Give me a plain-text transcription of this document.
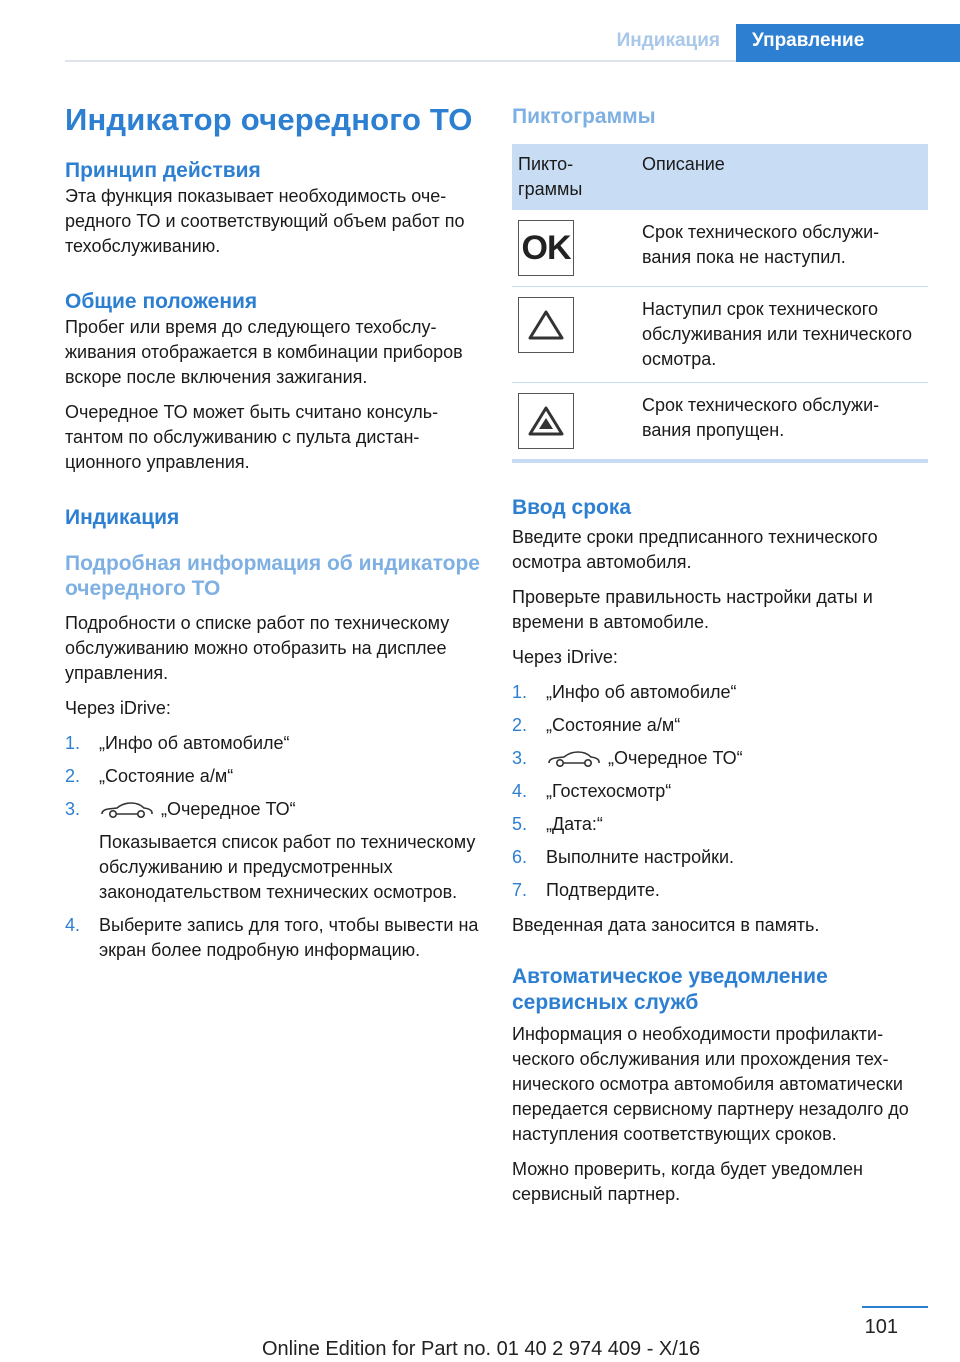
Индикация	Управление
Индикатор очередного ТО
Принцип действия

Эта функция показывает необходимость очередного ТО и соответствующий объем работ по техобслуживанию.

Общие положения

Пробег или время до следующего техобслуживания отображается в комбинации приборов вскоре после включения зажигания.

Очередное ТО может быть считано консультантом по обслуживанию с пульта дистанционного управления.

Индикация
Подробная информация об индикаторе очередного ТО

Подробности о списке работ по техническому обслуживанию можно отобразить на дисплее управления.

Через iDrive:

1. „Инфо об автомобиле“
2. „Состояние а/м“
3.	„Очередное ТО“
Показывается список работ по техническому обслуживанию и предусмотренных законодательством технических осмотров.
4. Выберите запись для того, чтобы вывести на экран более подробную информацию.
Пиктограммы
Пиктограммы	Описание

OK	Срок технического обслуживания пока не наступил.

	Наступил срок технического обслуживания или технического осмотра.

	Срок технического обслуживания пропущен.
Ввод срока

Введите сроки предписанного технического осмотра автомобиля.

Проверьте правильность настройки даты и времени в автомобиле.

Через iDrive:

1. „Инфо об автомобиле“
2. „Состояние а/м“
3.	„Очередное ТО“
4. „Гостехосмотр“
5. „Дата:“
6. Выполните настройки.
7. Подтвердите.

Введенная дата заносится в память.

Автоматическое уведомление сервисных служб

Информация о необходимости профилактического обслуживания или прохождения технического осмотра автомобиля автоматически передается сервисному партнеру незадолго до наступления соответствующих сроков.

Можно проверить, когда будет уведомлен сервисный партнер.

101
Online Edition for Part no. 01 40 2 974 409 - X/16
